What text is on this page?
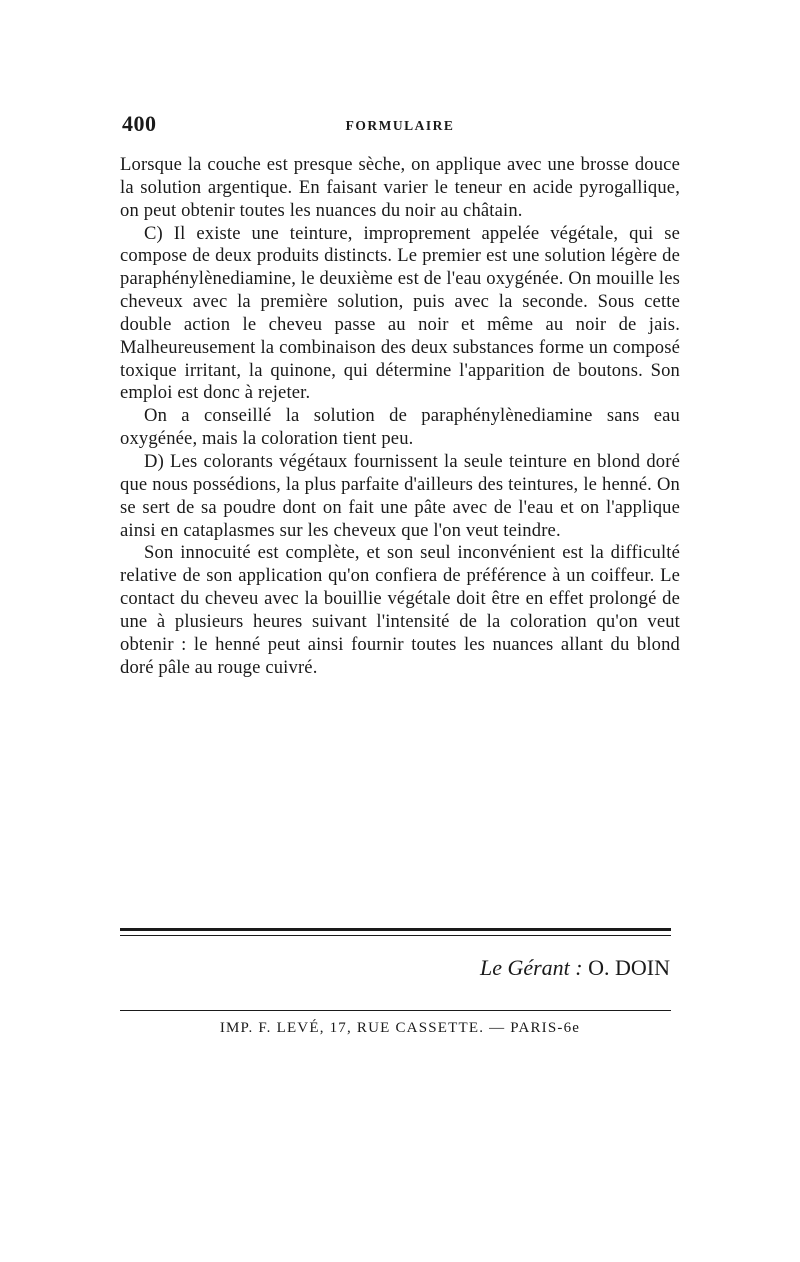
400	FORMULAIRE

Lorsque la couche est presque sèche, on applique avec une brosse douce la solution argentique. En faisant varier le teneur en acide pyrogallique, on peut obtenir toutes les nuances du noir au châtain.

C) Il existe une teinture, improprement appelée végétale, qui se compose de deux produits distincts. Le premier est une solution légère de paraphénylènediamine, le deuxième est de l'eau oxygénée. On mouille les cheveux avec la première solution, puis avec la seconde. Sous cette double action le cheveu passe au noir et même au noir de jais. Malheureusement la combinaison des deux substances forme un composé toxique irritant, la quinone, qui détermine l'apparition de boutons. Son emploi est donc à rejeter.

On a conseillé la solution de paraphénylènediamine sans eau oxygénée, mais la coloration tient peu.

D) Les colorants végétaux fournissent la seule teinture en blond doré que nous possédions, la plus parfaite d'ailleurs des teintures, le henné. On se sert de sa poudre dont on fait une pâte avec de l'eau et on l'applique ainsi en cataplasmes sur les cheveux que l'on veut teindre.

Son innocuité est complète, et son seul inconvénient est la difficulté relative de son application qu'on confiera de préférence à un coiffeur. Le contact du cheveu avec la bouillie végétale doit être en effet prolongé de une à plusieurs heures suivant l'intensité de la coloration qu'on veut obtenir : le henné peut ainsi fournir toutes les nuances allant du blond doré pâle au rouge cuivré.

Le Gérant : O. DOIN
IMP. F. LEVÉ, 17, RUE CASSETTE. — PARIS-6e
